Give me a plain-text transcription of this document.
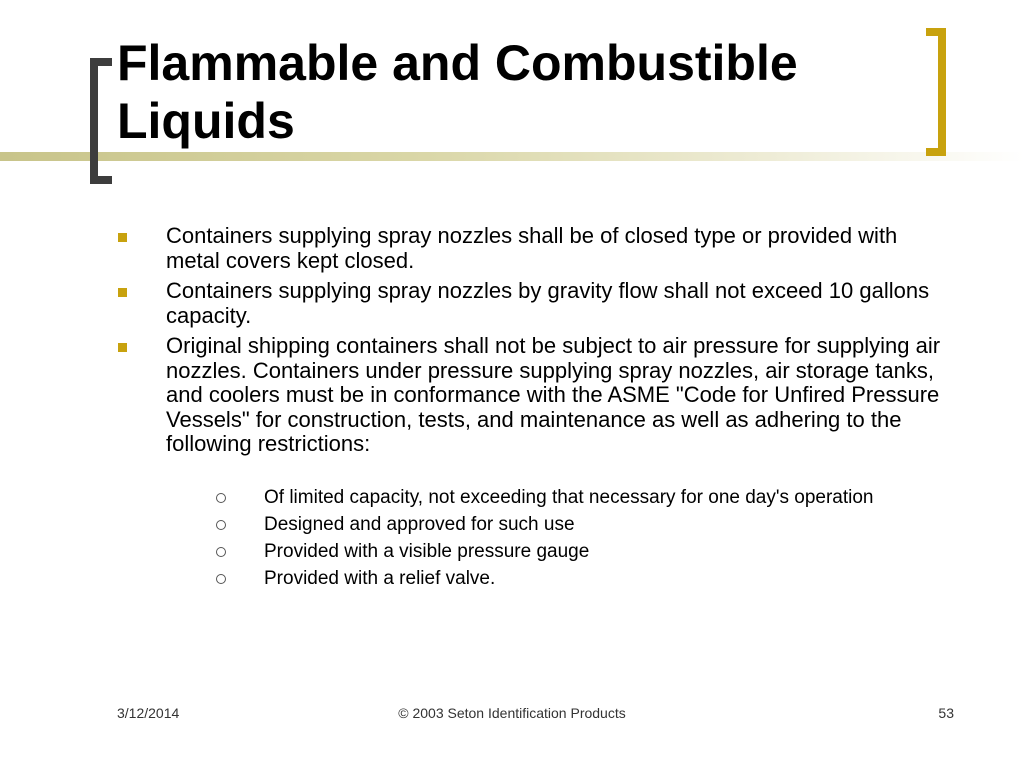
Flammable and Combustible
Liquids
Containers supplying spray nozzles shall be of closed type or provided with metal covers kept closed.
Containers supplying spray nozzles by gravity flow shall not exceed 10 gallons capacity.
Original shipping containers shall not be subject to air pressure for supplying air nozzles. Containers under pressure supplying spray nozzles, air storage tanks, and coolers must be in conformance with the ASME "Code for Unfired Pressure Vessels" for construction, tests, and maintenance as well as adhering to the following restrictions:
Of limited capacity, not exceeding that necessary for one day's operation
Designed and approved for such use
Provided with a visible pressure gauge
Provided with a relief valve.
3/12/2014	© 2003 Seton Identification Products	53
